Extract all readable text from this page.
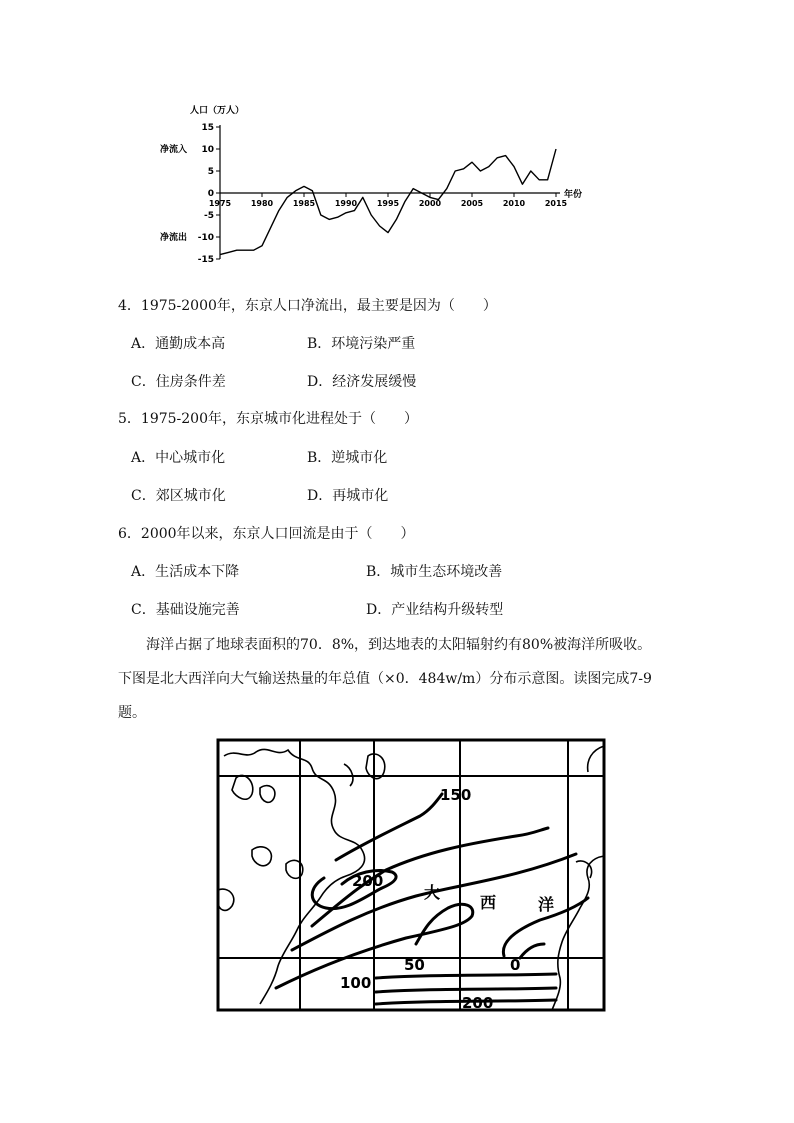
15
10
5
0
-5
-10
-15
1975 1980 1985 1990 1995 2000 2005 2010 2015
人口（万人）
年份
净流入
净流出
4．1975-2000年，东京人口净流出，最主要是因为（　　）
A．通勤成本高	B．环境污染严重
C．住房条件差	D．经济发展缓慢
5．1975-200年，东京城市化进程处于（　　）
A．中心城市化	B．逆城市化
C．郊区城市化	D．再城市化
6．2000年以来，东京人口回流是由于（　　）
A．生活成本下降	B．城市生态环境改善
C．基础设施完善	D．产业结构升级转型
海洋占据了地球表面积的70．8%，到达地表的太阳辐射约有80%被海洋所吸收。
下图是北大西洋向大气输送热量的年总值（×0．484w/m）分布示意图。读图完成7-9
题。
150
200
大
西	洋
50	0
100
200
